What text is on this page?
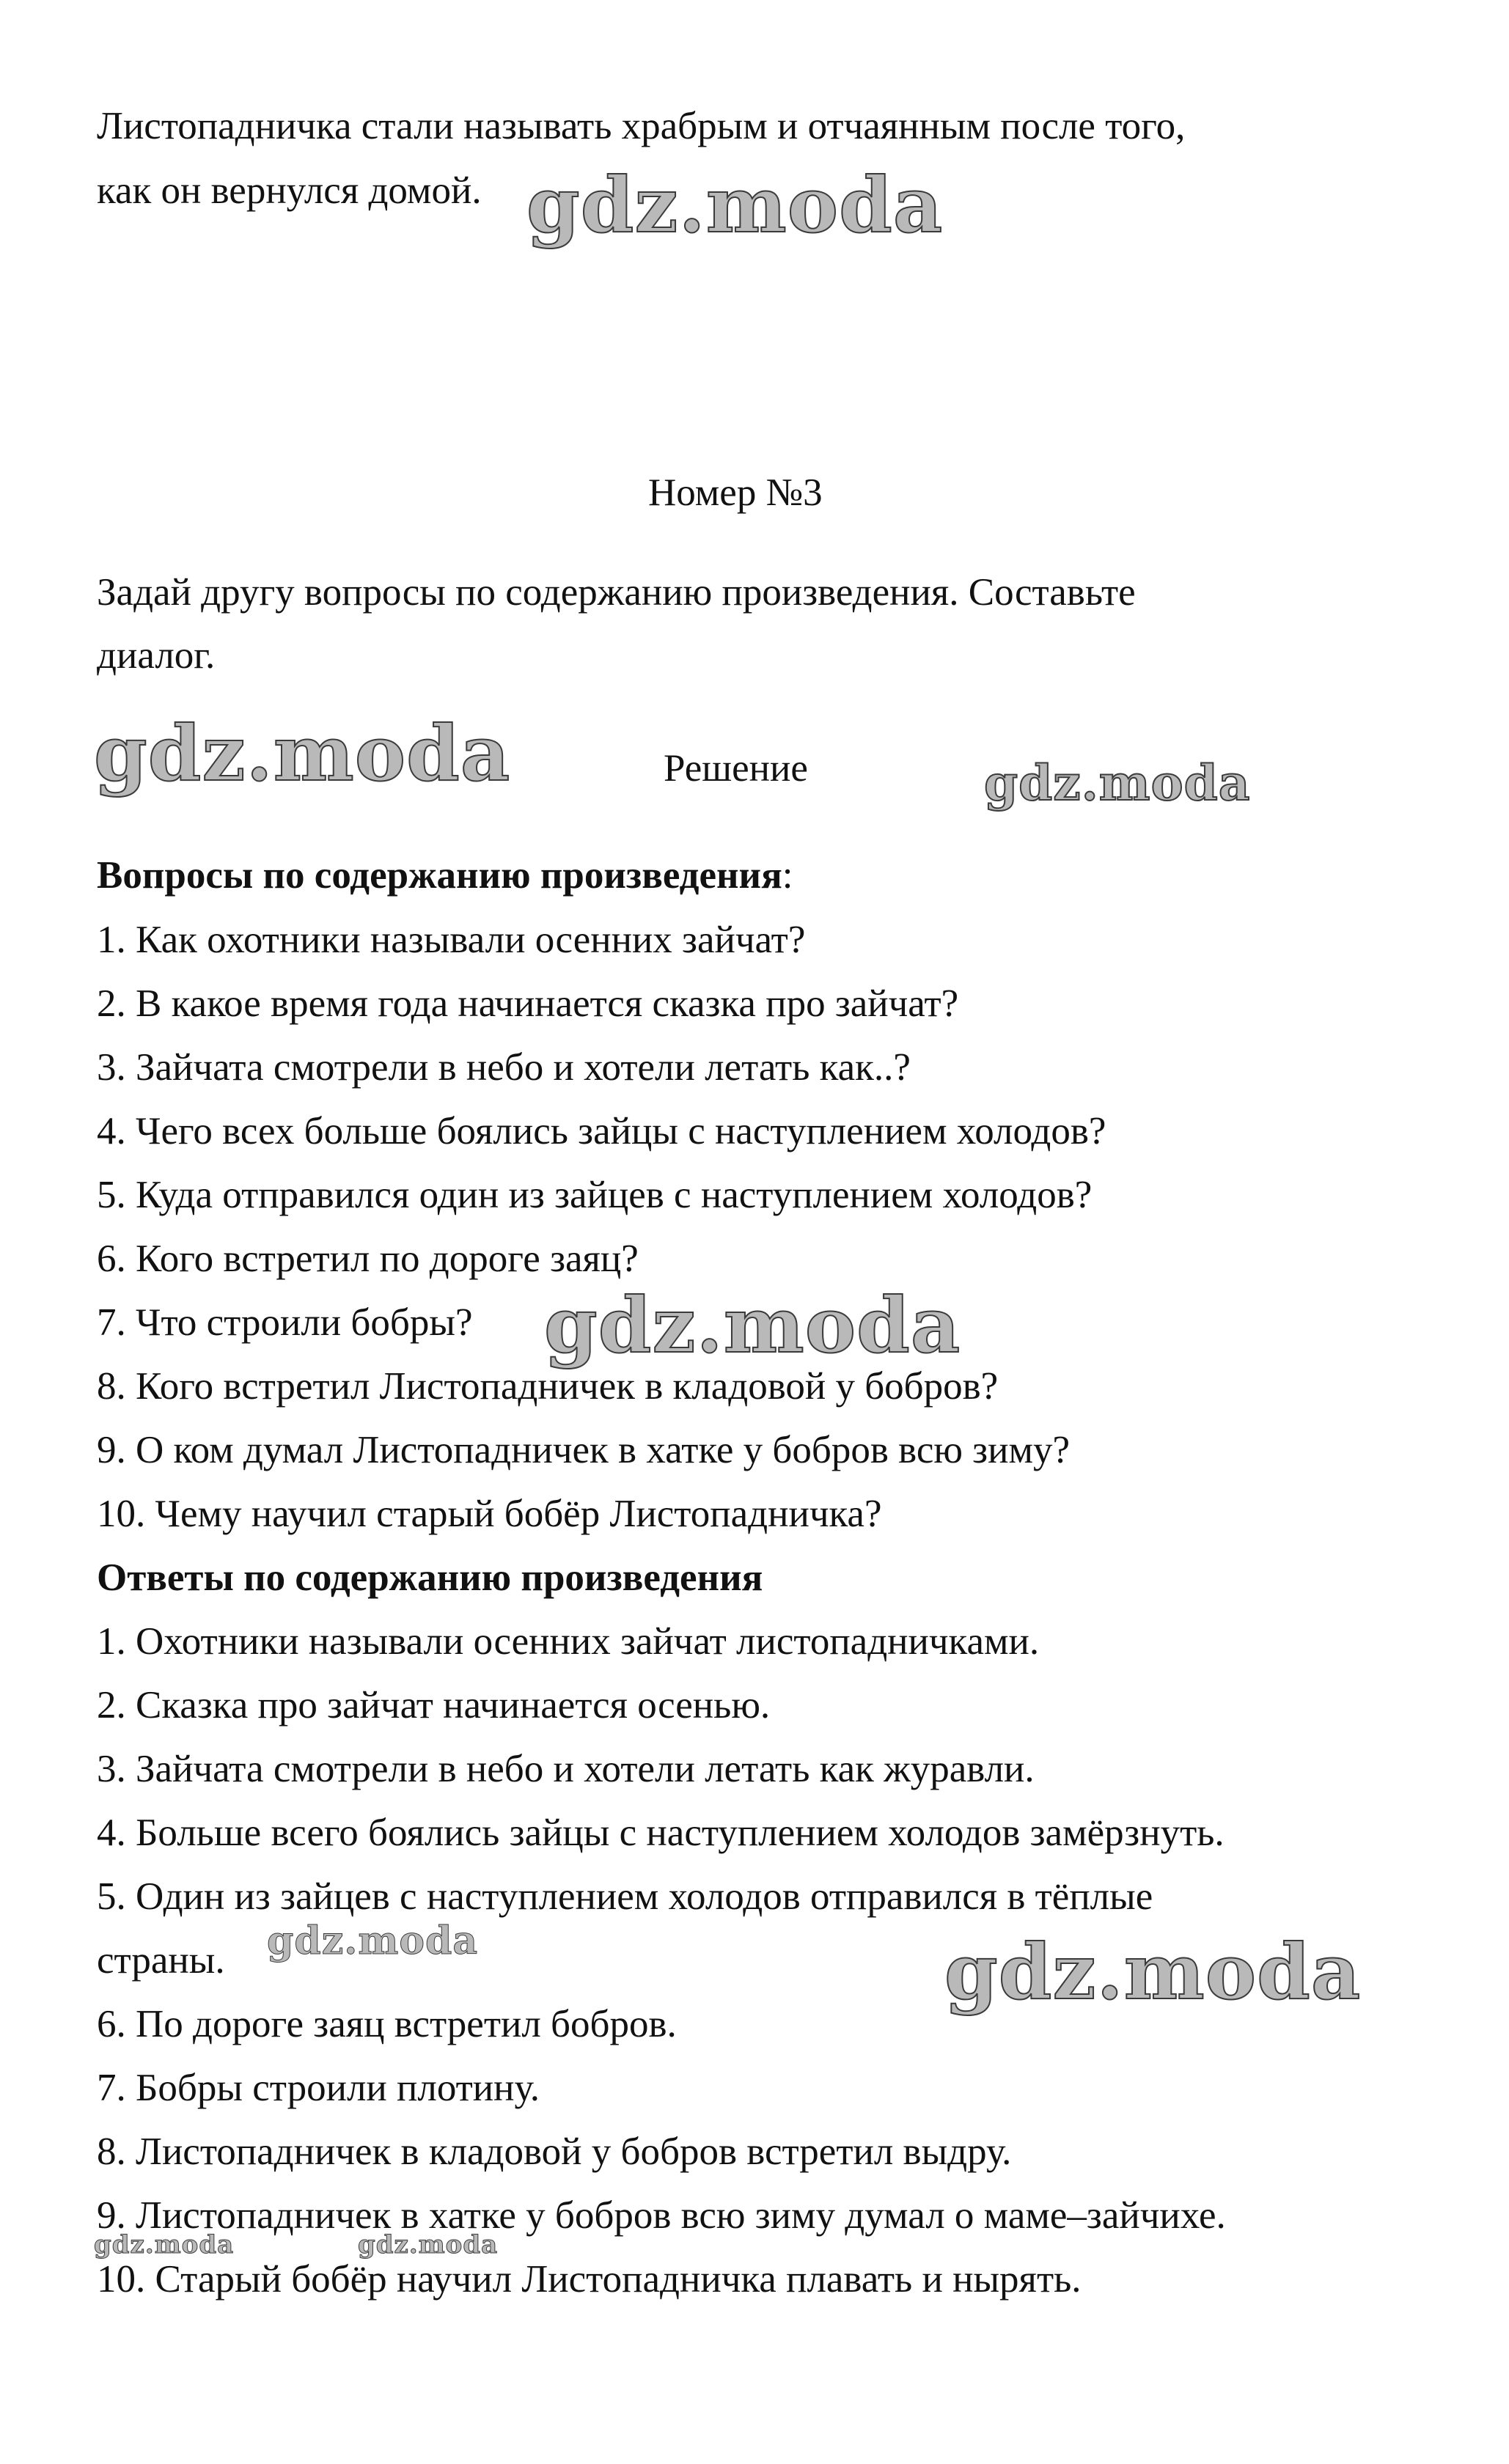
Листопадничка стали называть храбрым и отчаянным после того,
как он вернулся домой.
Номер №3
Задай другу вопросы по содержанию произведения. Составьте
диалог.
Решение
Вопросы по содержанию произведения:
1. Как охотники называли осенних зайчат?
2. В какое время года начинается сказка про зайчат?
3. Зайчата смотрели в небо и хотели летать как..?
4. Чего всех больше боялись зайцы с наступлением холодов?
5. Куда отправился один из зайцев с наступлением холодов?
6. Кого встретил по дороге заяц?
7. Что строили бобры?
8. Кого встретил Листопадничек в кладовой у бобров?
9. О ком думал Листопадничек в хатке у бобров всю зиму?
10. Чему научил старый бобёр Листопадничка?
Ответы по содержанию произведения
1. Охотники называли осенних зайчат листопадничками.
2. Сказка про зайчат начинается осенью.
3. Зайчата смотрели в небо и хотели летать как журавли.
4. Больше всего боялись зайцы с наступлением холодов замёрзнуть.
5. Один из зайцев с наступлением холодов отправился в тёплые
страны.
6. По дороге заяц встретил бобров.
7. Бобры строили плотину.
8. Листопадничек в кладовой у бобров встретил выдру.
9. Листопадничек в хатке у бобров всю зиму думал о маме–зайчихе.
10. Старый бобёр научил Листопадничка плавать и нырять.
gdz.moda
gdz.moda	gdz.moda
gdz.moda
gdz.moda	gdz.moda
gdz.moda	gdz.moda
